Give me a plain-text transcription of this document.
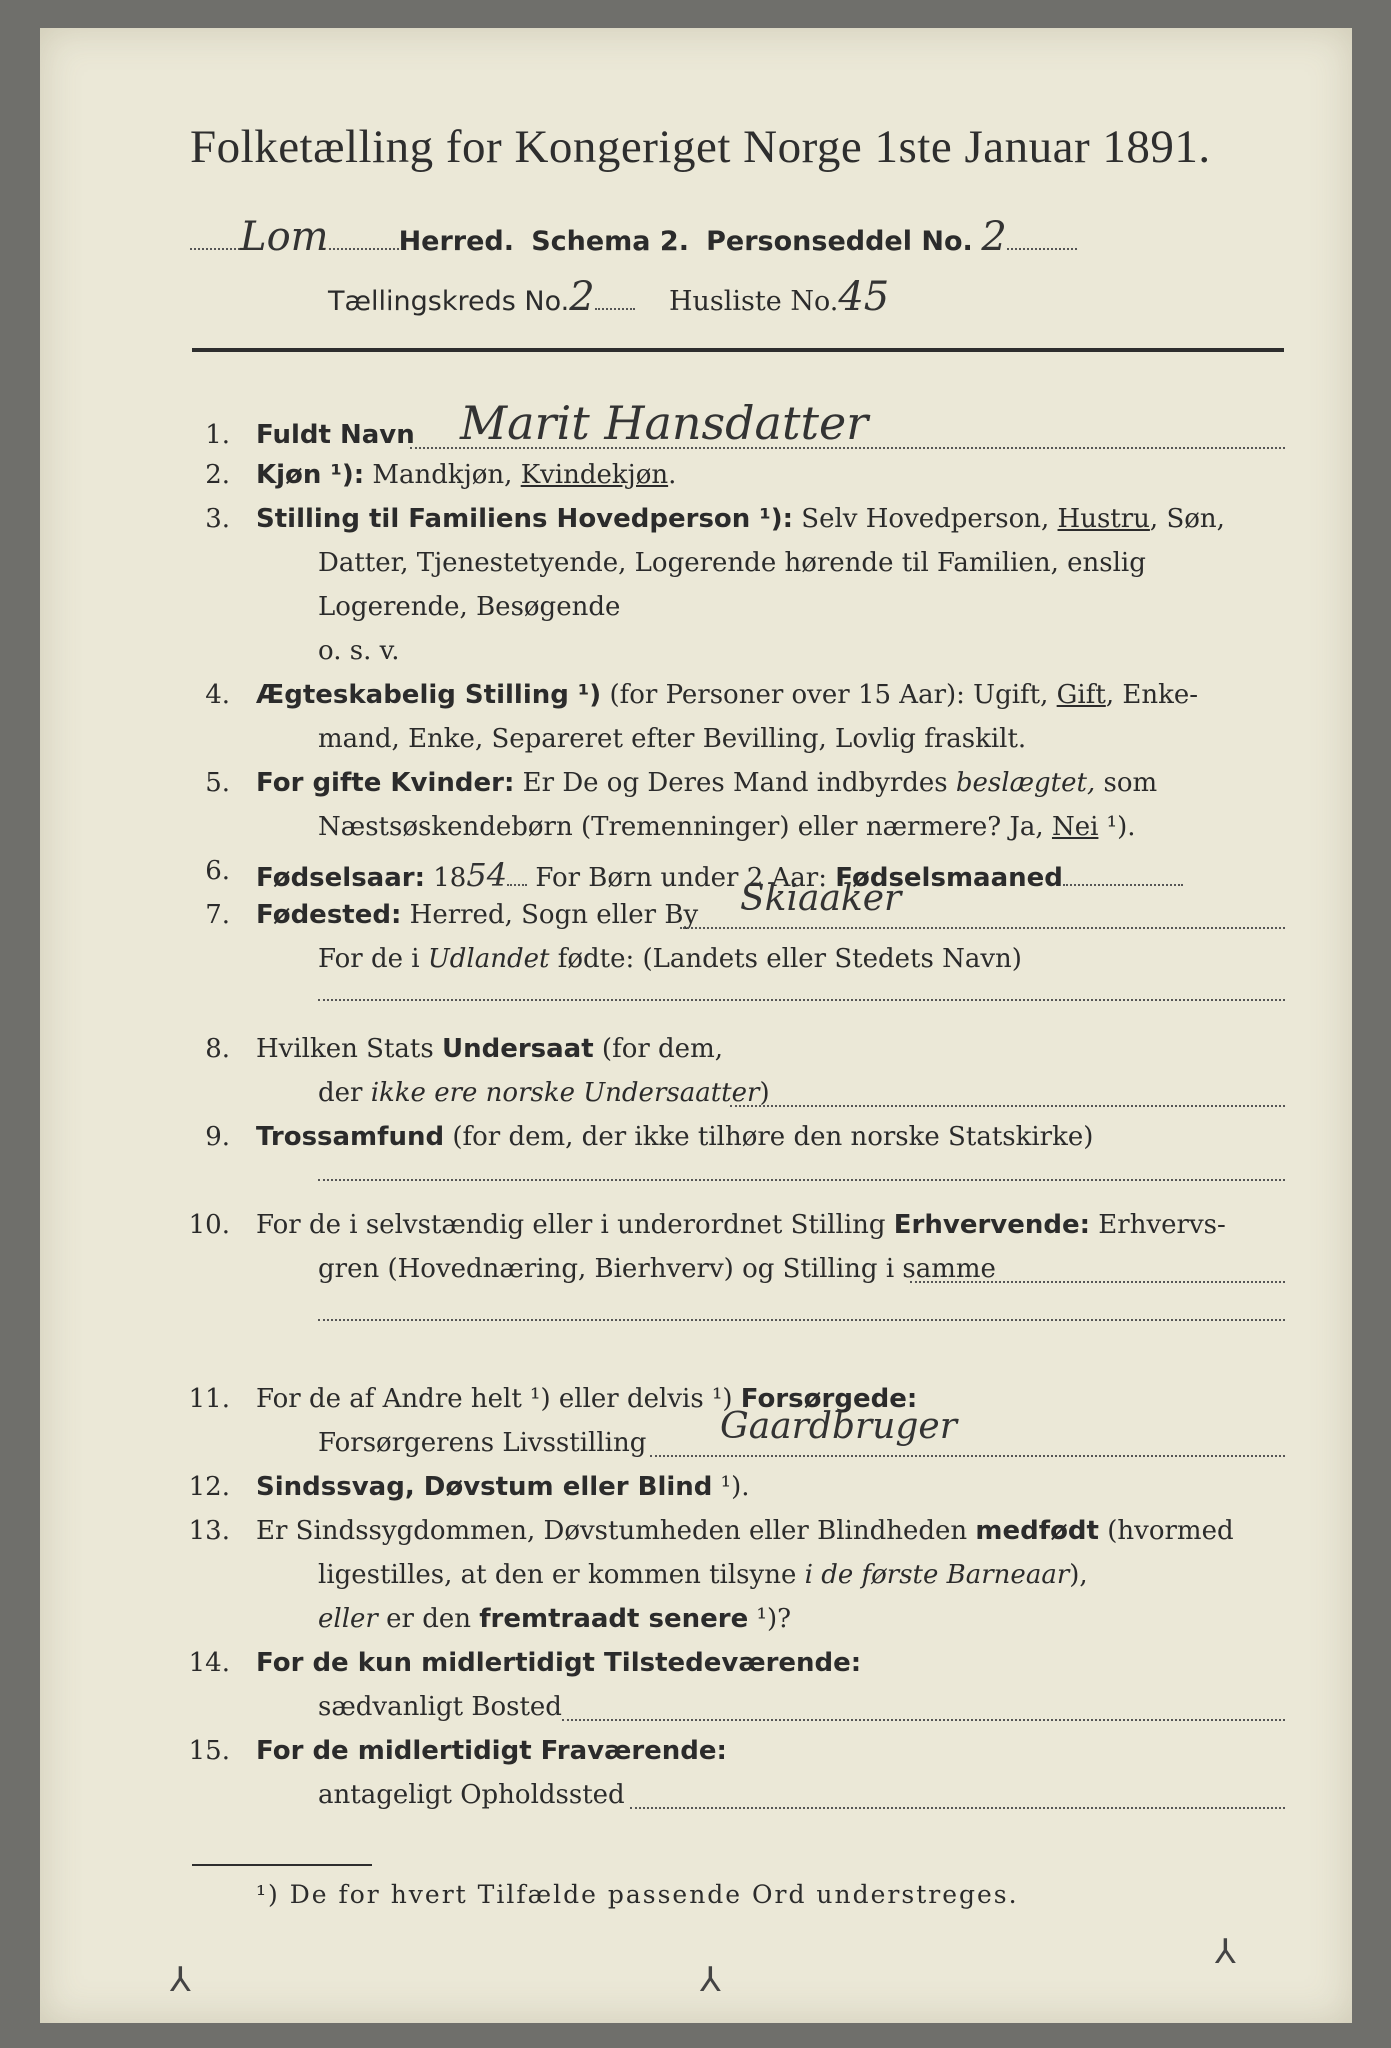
Folketælling for Kongeriget Norge 1ste Januar 1891.
Lom	Herred. Schema 2. Personseddel No. 2
Tællingskreds No.2	Husliste No.45
1. Fuldt Navn Marit Hansdatter
2. Kjøn ¹): Mandkjøn, Kvindekjøn.
3. Stilling til Familiens Hovedperson ¹): Selv Hovedperson, Hustru, Søn,
Datter, Tjenestetyende, Logerende hørende til Familien, enslig
Logerende, Besøgende
o. s. v.
4. Ægteskabelig Stilling ¹) (for Personer over 15 Aar): Ugift, Gift, Enke-
mand, Enke, Separeret efter Bevilling, Lovlig fraskilt.
5. For gifte Kvinder: Er De og Deres Mand indbyrdes beslægtet, som
Næstsøskendebørn (Tremenninger) eller nærmere? Ja, Nei ¹).
6. Fødselsaar: 1854 For Børn under 2 Aar: Fødselsmaaned
7. Fødested: Herred, Sogn eller By Skiaaker
For de i Udlandet fødte: (Landets eller Stedets Navn)
8. Hvilken Stats Undersaat (for dem,
der ikke ere norske Undersaatter)
9. Trossamfund (for dem, der ikke tilhøre den norske Statskirke)
10. For de i selvstændig eller i underordnet Stilling Erhvervende: Erhvervs-
gren (Hovednæring, Bierhverv) og Stilling i samme
11. For de af Andre helt ¹) eller delvis ¹) Forsørgede:
Forsørgerens Livsstilling Gaardbruger
12. Sindssvag, Døvstum eller Blind ¹).
13. Er Sindssygdommen, Døvstumheden eller Blindheden medfødt (hvormed
ligestilles, at den er kommen tilsyne i de første Barneaar),
eller er den fremtraadt senere ¹)?
14. For de kun midlertidigt Tilstedeværende:
sædvanligt Bosted
15. For de midlertidigt Fraværende:
antageligt Opholdssted
¹) De for hvert Tilfælde passende Ord understreges.
⅄	⅄
⅄
